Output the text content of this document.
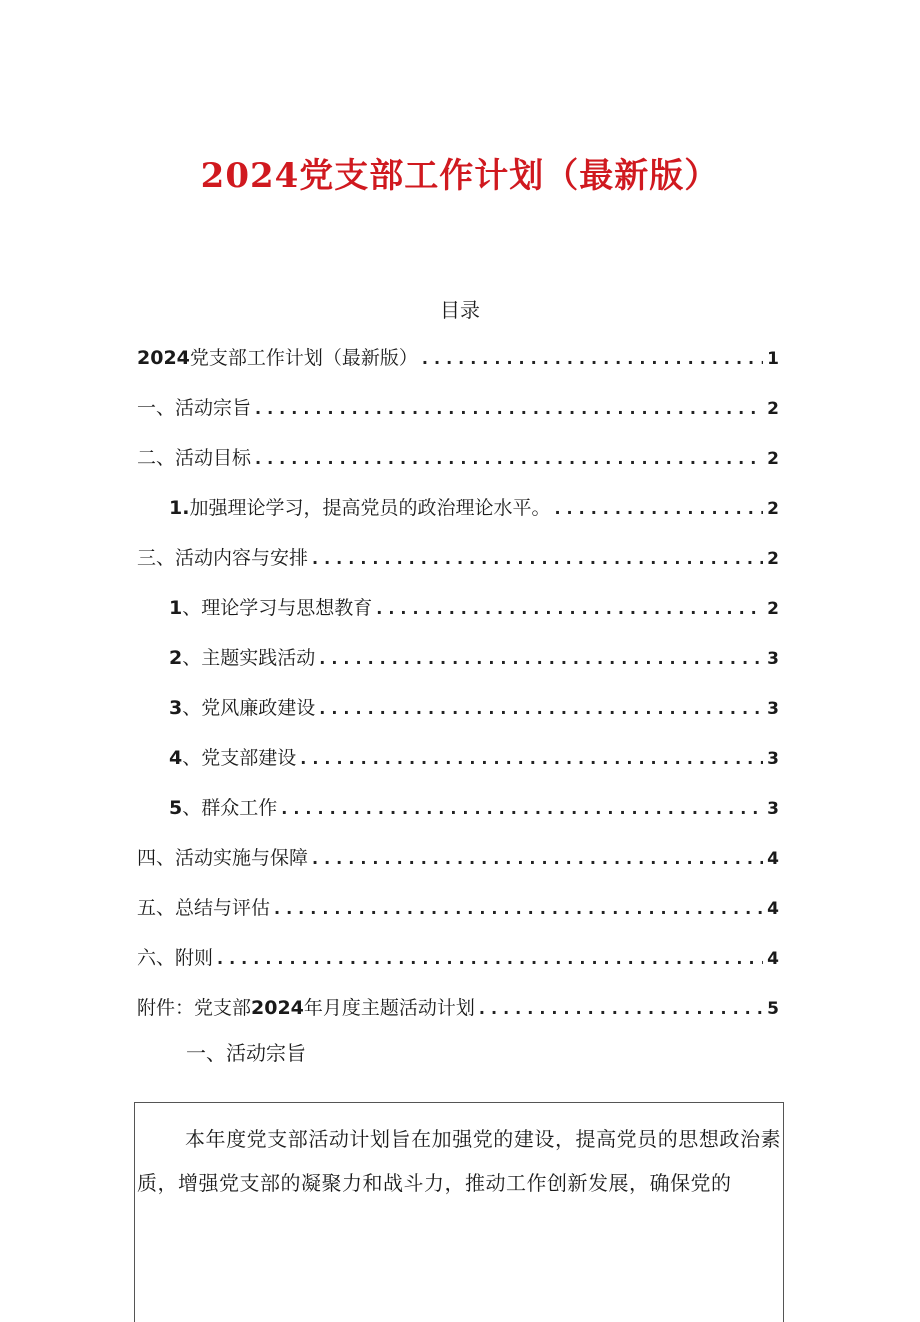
2024党支部工作计划（最新版）
目录
2024党支部工作计划（最新版） .....	1
一、活动宗旨 .....	2
二、活动目标 .....	2
1.加强理论学习，提高党员的政治理论水平。 .....	2
三、活动内容与安排 .....	2
1、理论学习与思想教育 .....	2
2、主题实践活动 .....	3
3、党风廉政建设 .....	3
4、党支部建设 .....	3
5、群众工作 .....	3
四、活动实施与保障 .....	4
五、总结与评估 .....	4
六、附则 .....	4
附件：党支部2024年月度主题活动计划 .....	5
一、活动宗旨

本年度党支部活动计划旨在加强党的建设，提高党员的思想政治素质，增强党支部的凝聚力和战斗力，推动工作创新发展，确保党的
